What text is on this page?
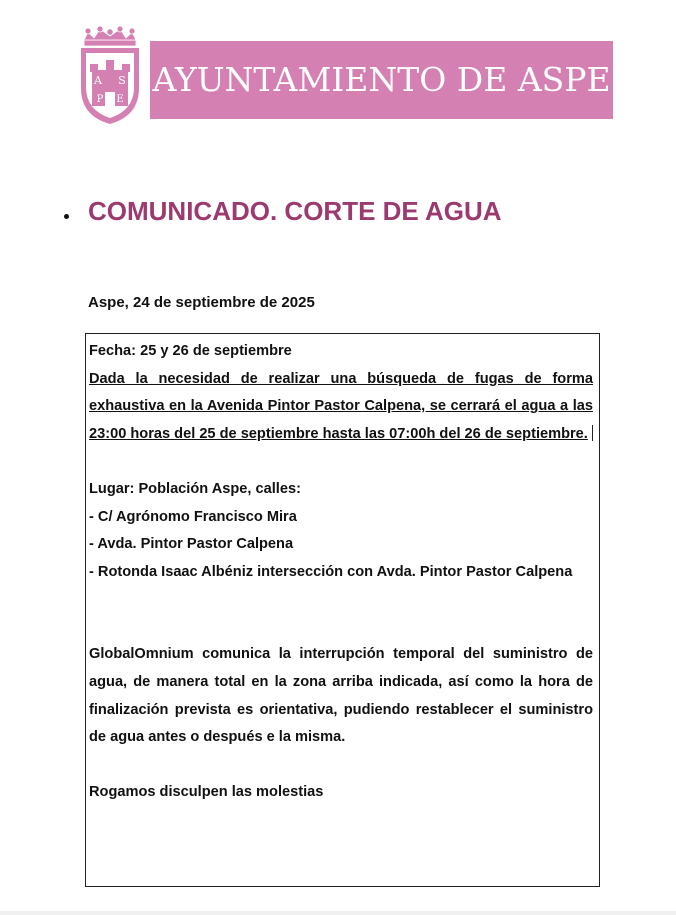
A S
P E
AYUNTAMIENTO DE ASPE
COMUNICADO. CORTE DE AGUA
Aspe, 24 de septiembre de 2025

Fecha: 25 y 26 de septiembre

Dada la necesidad de realizar una búsqueda de fugas de forma exhaustiva en la Avenida Pintor Pastor Calpena, se cerrará el agua a las 23:00 horas del 25 de septiembre hasta las 07:00h del 26 de septiembre.

Lugar: Población Aspe, calles:

- C/ Agrónomo Francisco Mira

- Avda. Pintor Pastor Calpena

- Rotonda Isaac Albéniz intersección con Avda. Pintor Pastor Calpena

GlobalOmnium comunica la interrupción temporal del suministro de agua, de manera total en la zona arriba indicada, así como la hora de finalización prevista es orientativa, pudiendo restablecer el suministro de agua antes o después e la misma.

Rogamos disculpen las molestias
